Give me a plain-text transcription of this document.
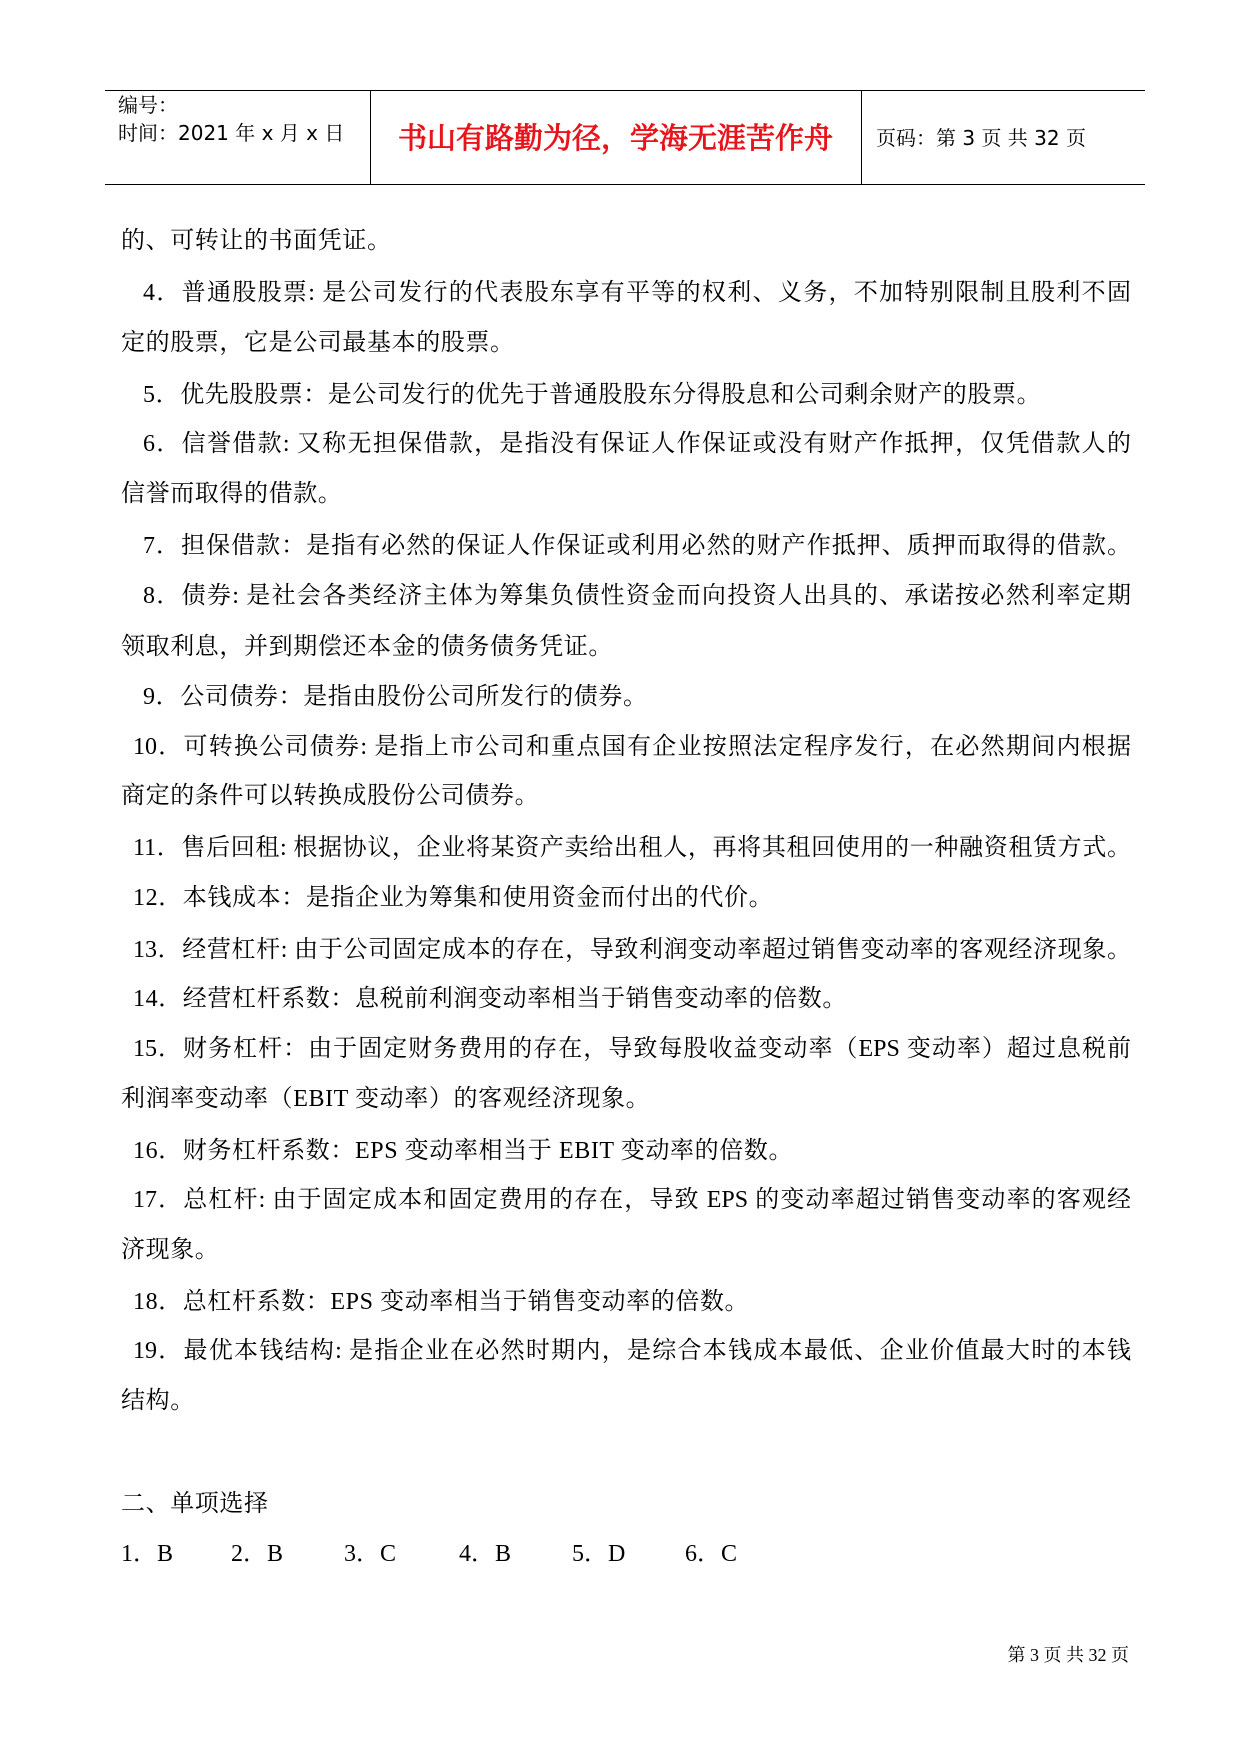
编号：
时间：2021 年 x 月 x 日	书山有路勤为径，学海无涯苦作舟	页码：第 3 页 共 32 页
的、可转让的书面凭证。
4．普通股股票: 是公司发行的代表股东享有平等的权利、义务，不加特别限制且股利不固
定的股票，它是公司最基本的股票。
5．优先股股票：是公司发行的优先于普通股股东分得股息和公司剩余财产的股票。
6．信誉借款: 又称无担保借款，是指没有保证人作保证或没有财产作抵押，仅凭借款人的
信誉而取得的借款。
7．担保借款：是指有必然的保证人作保证或利用必然的财产作抵押、质押而取得的借款。
8．债券: 是社会各类经济主体为筹集负债性资金而向投资人出具的、承诺按必然利率定期
领取利息，并到期偿还本金的债务债务凭证。
9．公司债券：是指由股份公司所发行的债券。
10．可转换公司债券: 是指上市公司和重点国有企业按照法定程序发行，在必然期间内根据
商定的条件可以转换成股份公司债券。
11．售后回租: 根据协议，企业将某资产卖给出租人，再将其租回使用的一种融资租赁方式。
12．本钱成本：是指企业为筹集和使用资金而付出的代价。
13．经营杠杆: 由于公司固定成本的存在，导致利润变动率超过销售变动率的客观经济现象。
14．经营杠杆系数：息税前利润变动率相当于销售变动率的倍数。
15．财务杠杆：由于固定财务费用的存在，导致每股收益变动率（EPS 变动率）超过息税前
利润率变动率（EBIT 变动率）的客观经济现象。
16．财务杠杆系数：EPS 变动率相当于 EBIT 变动率的倍数。
17．总杠杆: 由于固定成本和固定费用的存在，导致 EPS 的变动率超过销售变动率的客观经
济现象。
18．总杠杆系数：EPS 变动率相当于销售变动率的倍数。
19．最优本钱结构: 是指企业在必然时期内，是综合本钱成本最低、企业价值最大时的本钱
结构。
二、单项选择
1．B 2．B	3．C	4．B	5．D 6．C
第 3 页 共 32 页
